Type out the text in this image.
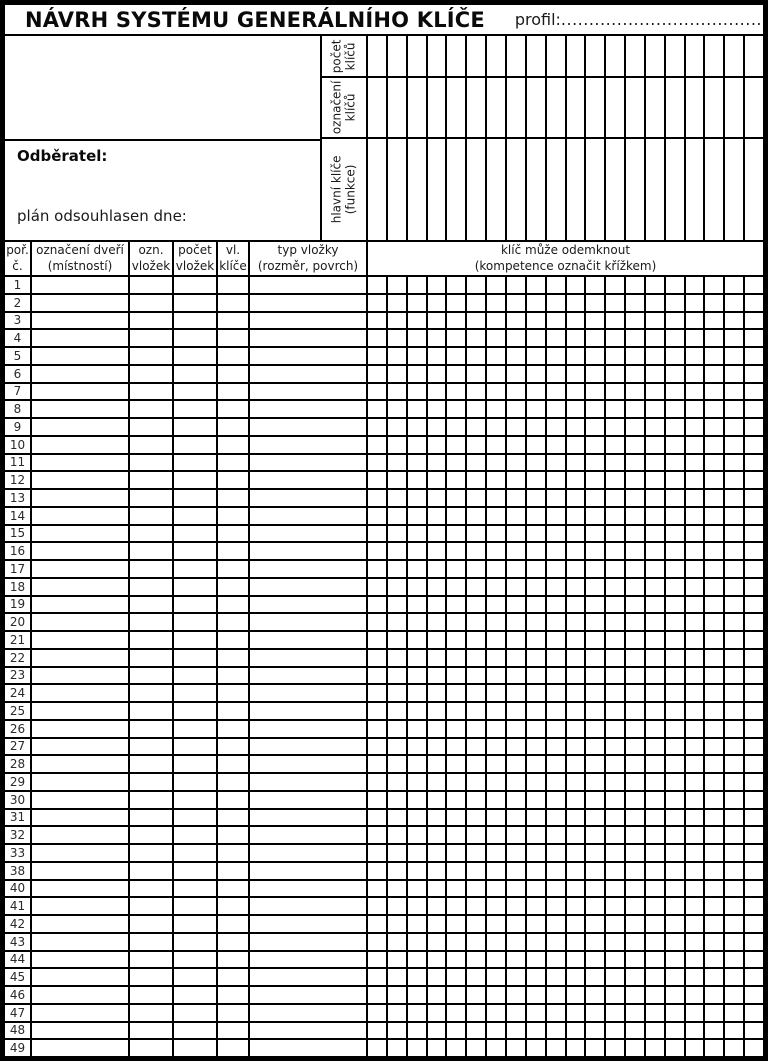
NÁVRH SYSTÉMU GENERÁLNÍHO KLÍČE profil: ....................................
počet klíčů
označení klíčů
hlavní klíče (funkce)
Odběratel:
plán odsouhlasen dne:
poř.
č.
označení dveří
(místností)
ozn.
vložek
počet
vložek
vl.
klíče
typ vložky
(rozměr, povrch)
klíč může odemknout
(kompetence označit křížkem)
1
2
3
4
5
6
7
8
9
10
11
12
13
14
15
16
17
18
19
20
21
22
23
24
25
26
27
28
29
30
31
32
33
38
40
41
42
43
44
45
46
47
48
49
